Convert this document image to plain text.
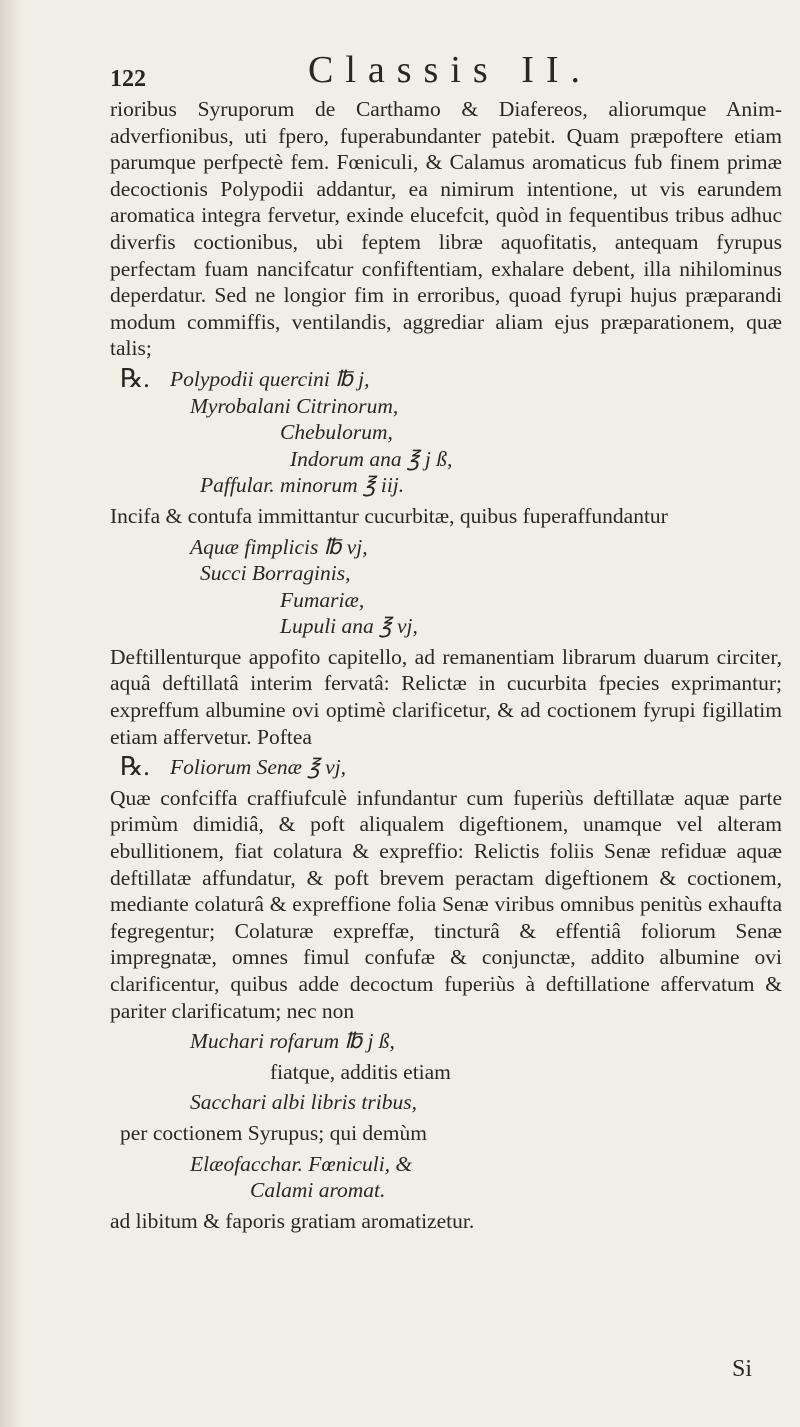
122	Classis II.

rioribus Syruporum de Carthamo & Diafereos, aliorumque Anim-adverfionibus, uti fpero, fuperabundanter patebit. Quam præpoftere etiam parumque perfpectè fem. Fœniculi, & Calamus aromaticus fub finem primæ decoctionis Polypodii addantur, ea nimirum intentione, ut vis earundem aromatica integra fervetur, exinde elucefcit, quòd in fequentibus tribus adhuc diverfis coctionibus, ubi feptem libræ aquofitatis, antequam fyrupus perfectam fuam nancifcatur confiftentiam, exhalare debent, illa nihilominus deperdatur. Sed ne longior fim in erroribus, quoad fyrupi hujus præparandi modum commiffis, ventilandis, aggrediar aliam ejus præparationem, quæ talis;

℞. Polypodii quercini ℔ j,
Myrobalani Citrinorum,
Chebulorum,
Indorum ana ℥ j ß,
Paffular. minorum ℥ iij.

Incifa & contufa immittantur cucurbitæ, quibus fuperaffundantur

Aquæ fimplicis ℔ vj,
Succi Borraginis,
Fumariæ,
Lupuli ana ℥ vj,

Deftillenturque appofito capitello, ad remanentiam librarum duarum circiter, aquâ deftillatâ interim fervatâ: Relictæ in cucurbita fpecies exprimantur; expreffum albumine ovi optimè clarificetur, & ad coctionem fyrupi figillatim etiam affervetur. Poftea

℞. Foliorum Senæ ℥ vj,

Quæ confciffa craffiufculè infundantur cum fuperiùs deftillatæ aquæ parte primùm dimidiâ, & poft aliqualem digeftionem, unamque vel alteram ebullitionem, fiat colatura & expreffio: Relictis foliis Senæ refiduæ aquæ deftillatæ affundatur, & poft brevem peractam digeftionem & coctionem, mediante colaturâ & expreffione folia Senæ viribus omnibus penitùs exhaufta fegregentur; Colaturæ expreffæ, tincturâ & effentiâ foliorum Senæ impregnatæ, omnes fimul confufæ & conjunctæ, addito albumine ovi clarificentur, quibus adde decoctum fuperiùs à deftillatione affervatum & pariter clarificatum; nec non

Muchari rofarum ℔ j ß,

fiatque, additis etiam

Sacchari albi libris tribus,

per coctionem Syrupus; qui demùm

Elæofacchar. Fœniculi, &
Calami aromat.

ad libitum & faporis gratiam aromatizetur.

Si
